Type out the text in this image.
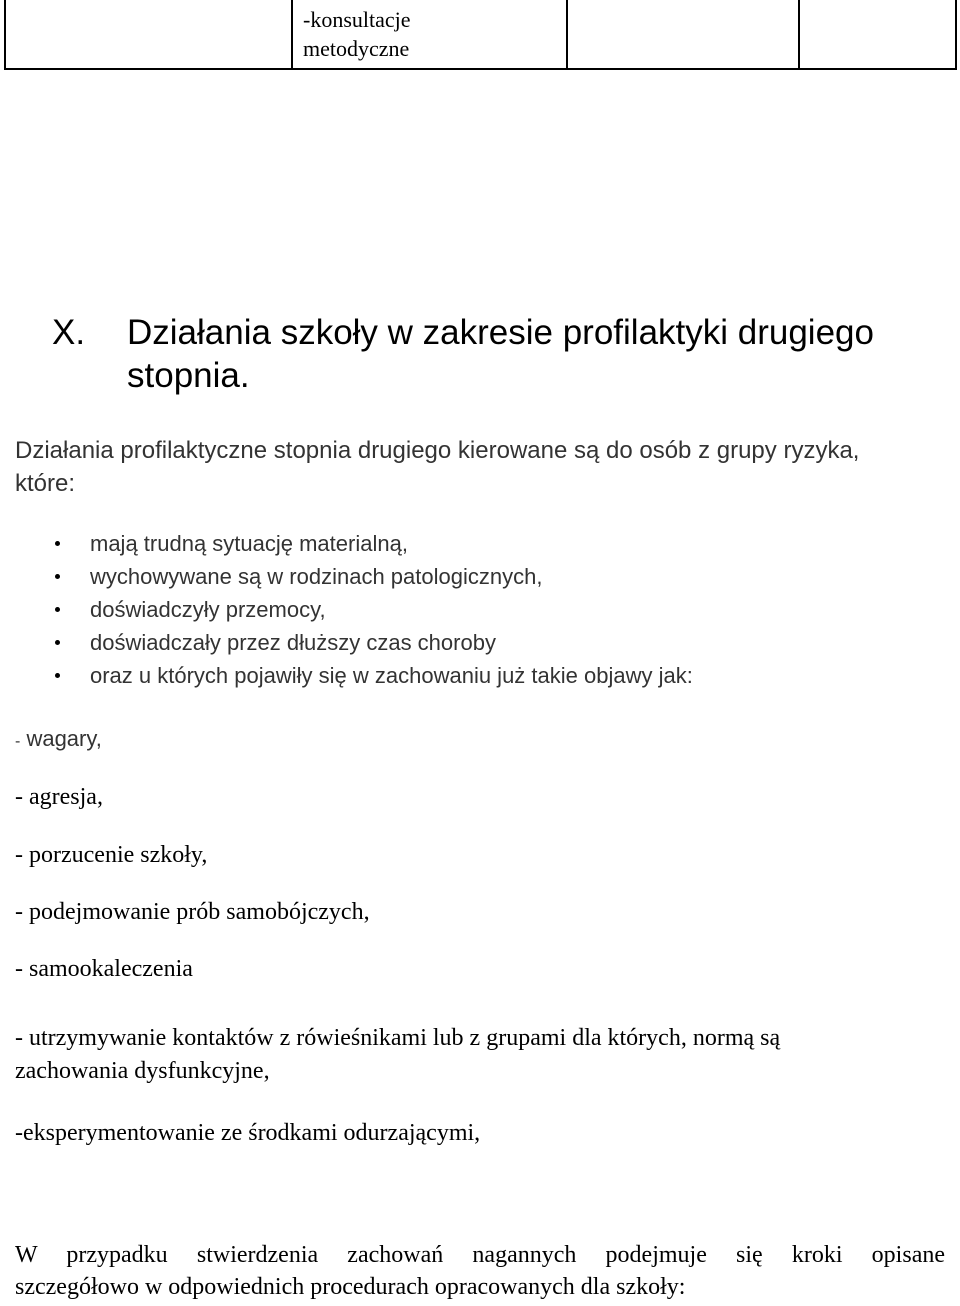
-konsultacje
metodyczne

X. Działania szkoły w zakresie profilaktyki drugiego
stopnia.
Działania profilaktyczne stopnia drugiego kierowane są do osób z grupy ryzyka,
które:
mają trudną sytuację materialną,
wychowywane są w rodzinach patologicznych,
doświadczyły przemocy,
doświadczały przez dłuższy czas choroby
oraz u których pojawiły się w zachowaniu już takie objawy jak:
- wagary,
- agresja,
- porzucenie szkoły,
- podejmowanie prób samobójczych,
- samookaleczenia
- utrzymywanie kontaktów z rówieśnikami lub z grupami dla których, normą są
zachowania dysfunkcyjne,
-eksperymentowanie ze środkami odurzającymi,
W przypadku stwierdzenia zachowań nagannych podejmuje się kroki opisane
szczegółowo w odpowiednich procedurach opracowanych dla szkoły:
